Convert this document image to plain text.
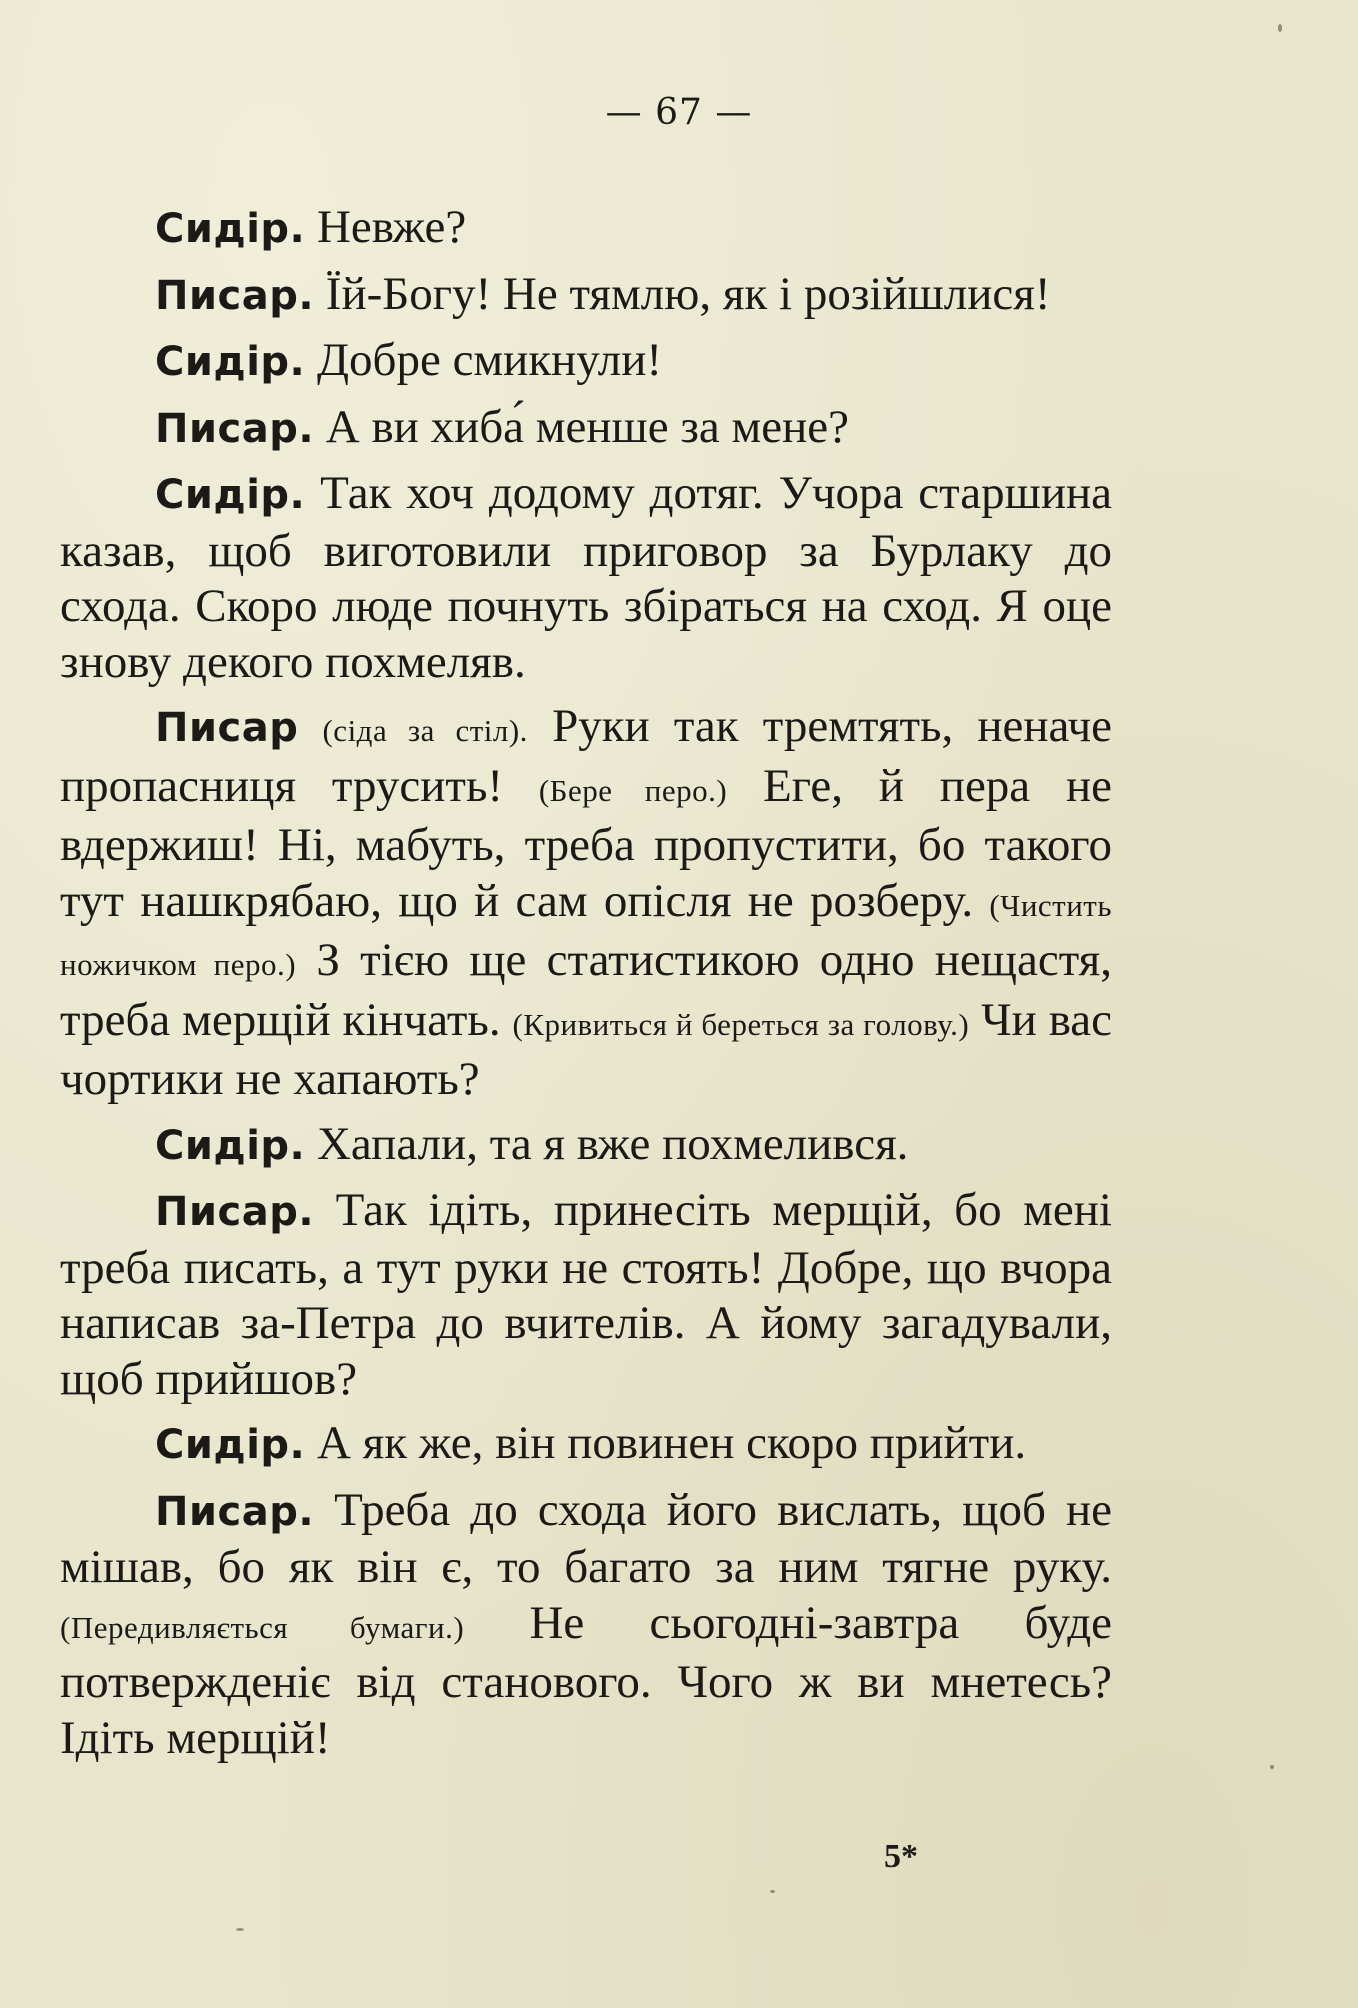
— 67 —

Сидір. Невже?

Писар. Їй-Богу! Не тямлю, як і розійшлися!

Сидір. Добре смикнули!

Писар. А ви хиба́ менше за мене?

Сидір. Так хоч додому дотяг. Учора старшина казав, щоб виготовили приговор за Бурлаку до схода. Скоро люде почнуть збіраться на сход. Я оце знову декого похмеляв.

Писар (сіда за стіл). Руки так тремтять, неначе пропасниця трусить! (Бере перо.) Еге, й пера не вдержиш! Ні, мабуть, треба пропустити, бо такого тут нашкрябаю, що й сам опісля не розберу. (Чистить ножичком перо.) З тією ще статистикою одно нещастя, треба мерщій кінчать. (Кривиться й береться за голову.) Чи вас чортики не хапають?

Сидір. Хапали, та я вже похмелився.

Писар. Так ідіть, принесіть мерщій, бо мені треба писать, а тут руки не стоять! Добре, що вчора написав за-Петра до вчителів. А йому загадували, щоб прийшов?

Сидір. А як же, він повинен скоро прийти.

Писар. Треба до схода його вислать, щоб не мішав, бо як він є, то багато за ним тягне руку. (Передивляється бумаги.) Не сьогодні-завтра буде потвержденіє від станового. Чого ж ви мнетесь? Ідіть мерщій!

5*
